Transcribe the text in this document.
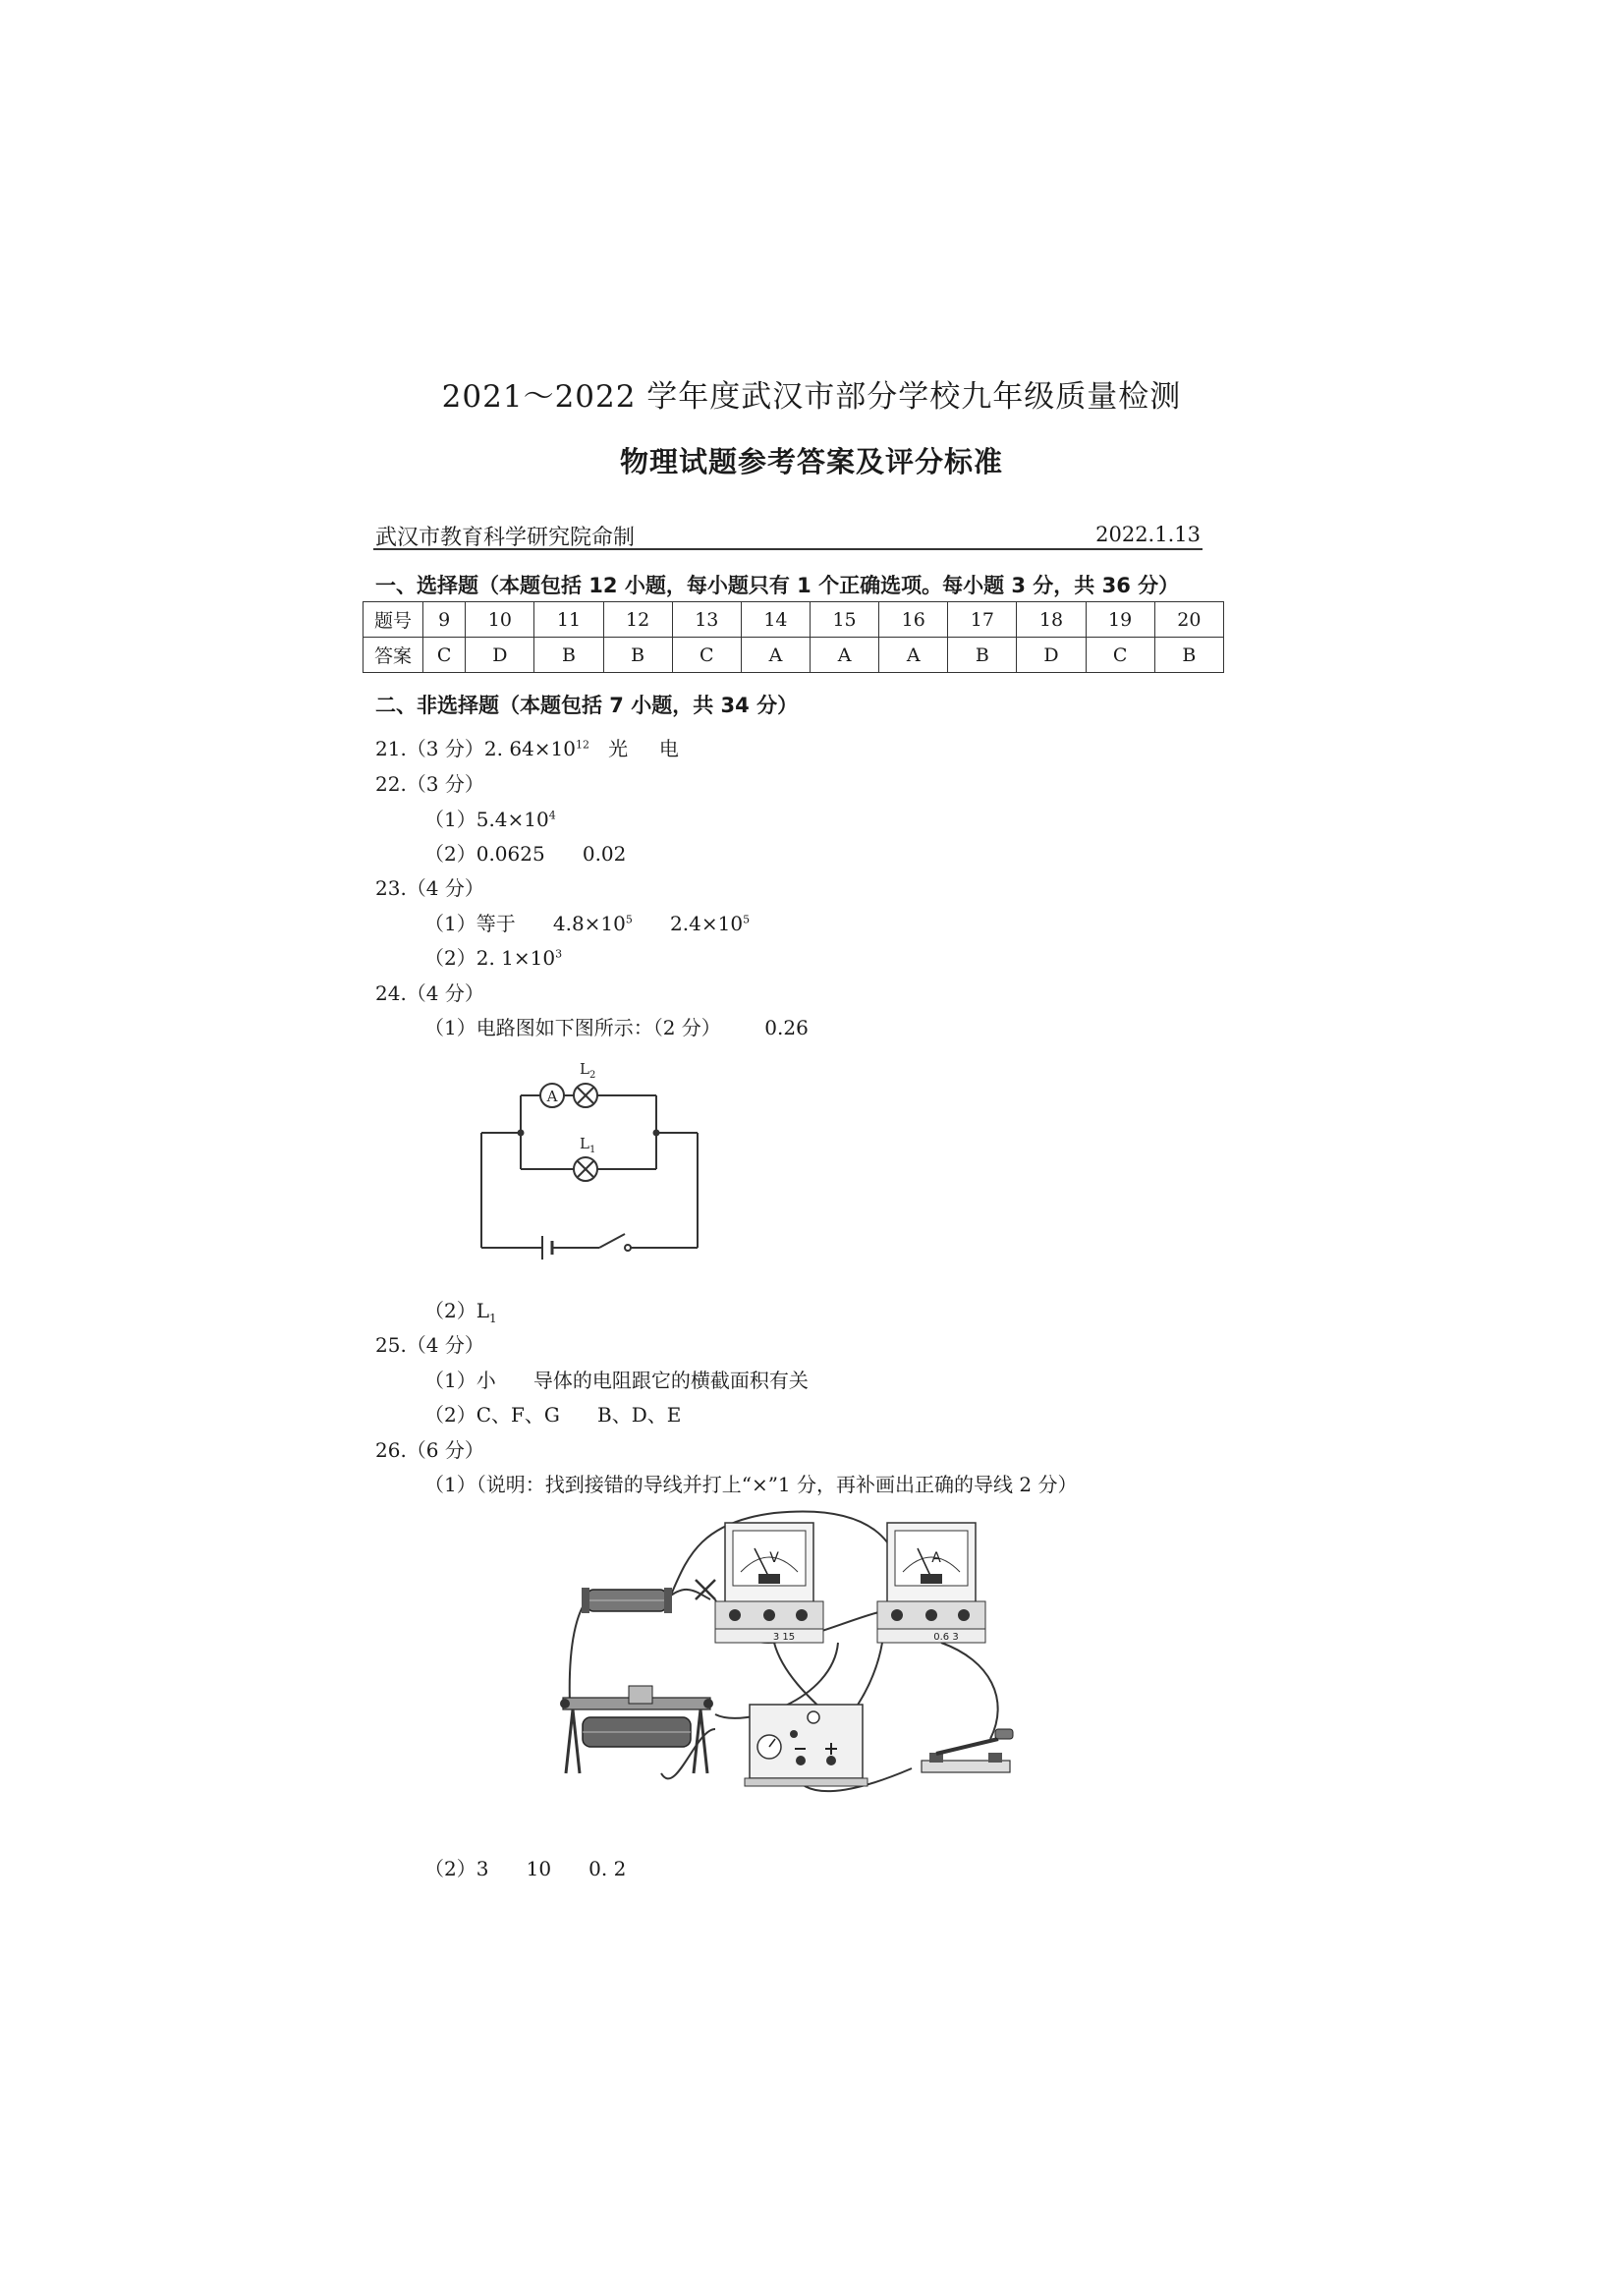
2021～2022 学年度武汉市部分学校九年级质量检测
物理试题参考答案及评分标准
武汉市教育科学研究院命制	2022.1.13
一、选择题（本题包括 12 小题，每小题只有 1 个正确选项。每小题 3 分，共 36 分）
题号	9	10	11	12	13	14	15	16	17	18	19	20
答案	C	D	B	B	C	A	A	A	B	D	C	B
二、非选择题（本题包括 7 小题，共 34 分）
21.（3 分）2. $64\times 10^{12}$   光     电
22.（3 分）
$(1)5.4\times 10^4$
（2）0.0625      0.02
23.（4 分）
（1）等于      $4.8\times 10^5$      $2.4\times 10^5$
（2）2. $1\times 10^3$
24.（4 分）
（1）电路图如下图所示：（2 分）       0.26
A
$L_2$
$L_1$
$(2)L_1$
25.（4 分）
（1）小      导体的电阻跟它的横截面积有关
（2）C、F、G      B、D、E
26.（6 分）
（1）（说明：找到接错的导线并打上“×”1 分，再补画出正确的导线 2 分）
V
3 15
A
0.6 3
（2）3      10      0. 2
